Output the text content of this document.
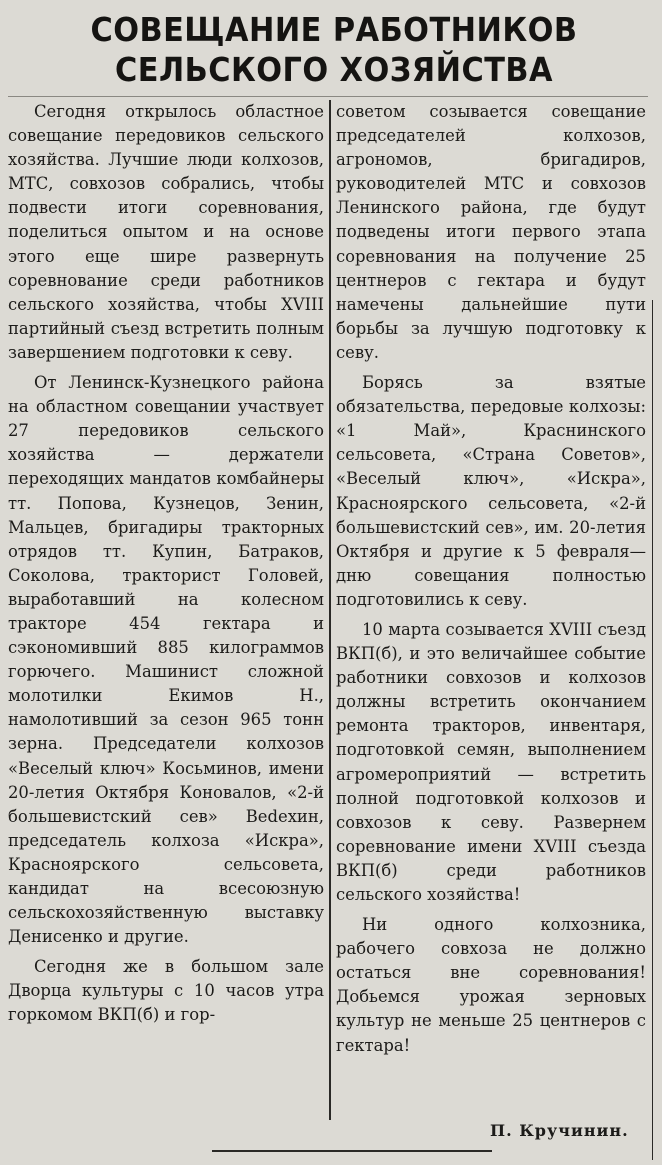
СОВЕЩАНИЕ РАБОТНИКОВ
СЕЛЬСКОГО ХОЗЯЙСТВА

Сегодня открылось областное совещание передовиков сельского хозяйства. Лучшие люди колхозов, МТС, совхозов собрались, чтобы подвести итоги соревнования, поделиться опытом и на основе этого еще шире развернуть соревнование среди работников сельского хозяйства, чтобы XVIII партийный съезд встретить полным завершением подготовки к севу.

От Ленинск-Кузнецкого района на областном совещании участвует 27 передовиков сельского хозяйства — держатели переходящих мандатов комбайнеры тт. Попова, Кузнецов, Зенин, Мальцев, бригадиры тракторных отрядов тт. Купин, Батраков, Соколова, тракторист Головей, выработавший на колесном тракторе 454 гектара и сэкономивший 885 килограммов горючего. Машинист сложной молотилки Екимов Н., намолотивший за сезон 965 тонн зерна. Председатели колхозов «Веселый ключ» Косьминов, имени 20-летия Октября Коновалов, «2-й большевистский сев» Веdeхин, председатель колхоза «Искра», Красноярского сельсовета, кандидат на всесоюзную сельскохозяйственную выставку Денисенко и другие.

Сегодня же в большом зале Дворца культуры с 10 часов утра горкомом ВКП(б) и гор-

советом созывается совещание председателей колхозов, агрономов, бригадиров, руководителей МТС и совхозов Ленинского района, где будут подведены итоги первого этапа соревнования на получение 25 центнеров с гектара и будут намечены дальнейшие пути борьбы за лучшую подготовку к севу.

Борясь за взятые обязательства, передовые колхозы: «1 Май», Краснинского сельсовета, «Страна Советов», «Веселый ключ», «Искра», Красноярского сельсовета, «2-й большевистский сев», им. 20-летия Октября и другие к 5 февраля—дню совещания полностью подготовились к севу.

10 марта созывается XVIII съезд ВКП(б), и это величайшее событие работники совхозов и колхозов должны встретить окончанием ремонта тракторов, инвентаря, подготовкой семян, выполнением агромероприятий — встретить полной подготовкой колхозов и совхозов к севу. Развернем соревнование имени XVIII съезда ВКП(б) среди работников сельского хозяйства!

Ни одного колхозника, рабочего совхоза не должно остаться вне соревнования! Добьемся урожая зерновых культур не меньше 25 центнеров с гектара!

П. Кручинин.
